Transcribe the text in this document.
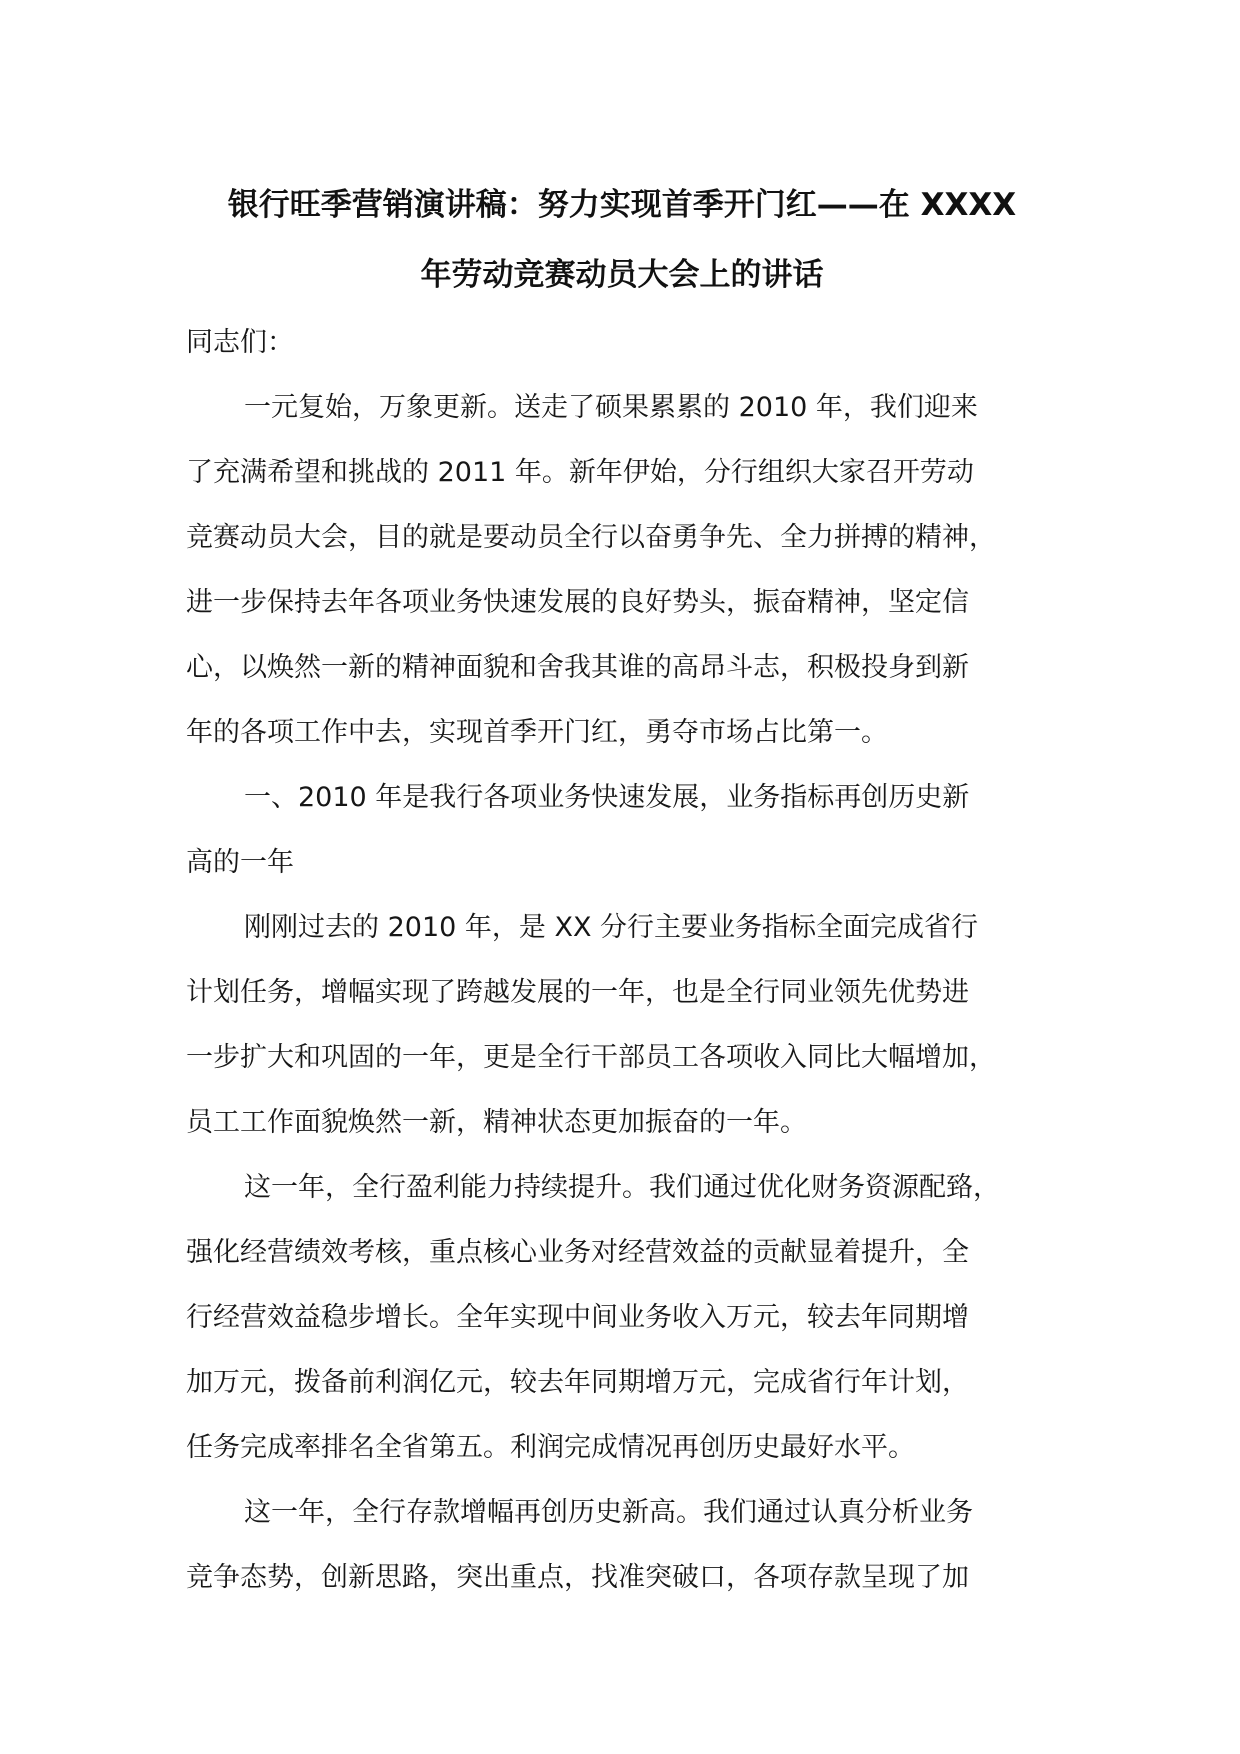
银行旺季营销演讲稿：努力实现首季开门红——在 XXXX
年劳动竞赛动员大会上的讲话
同志们：
一元复始，万象更新。送走了硕果累累的 2010 年，我们迎来
了充满希望和挑战的 2011 年。新年伊始，分行组织大家召开劳动
竞赛动员大会，目的就是要动员全行以奋勇争先、全力拼搏的精神，
进一步保持去年各项业务快速发展的良好势头，振奋精神，坚定信
心，以焕然一新的精神面貌和舍我其谁的高昂斗志，积极投身到新
年的各项工作中去，实现首季开门红，勇夺市场占比第一。
一、2010 年是我行各项业务快速发展，业务指标再创历史新
高的一年
刚刚过去的 2010 年，是 XX 分行主要业务指标全面完成省行
计划任务，增幅实现了跨越发展的一年，也是全行同业领先优势进
一步扩大和巩固的一年，更是全行干部员工各项收入同比大幅增加，
员工工作面貌焕然一新，精神状态更加振奋的一年。
这一年，全行盈利能力持续提升。我们通过优化财务资源配臵，
强化经营绩效考核，重点核心业务对经营效益的贡献显着提升，全
行经营效益稳步增长。全年实现中间业务收入万元，较去年同期增
加万元，拨备前利润亿元，较去年同期增万元，完成省行年计划，
任务完成率排名全省第五。利润完成情况再创历史最好水平。
这一年，全行存款增幅再创历史新高。我们通过认真分析业务
竞争态势，创新思路，突出重点，找准突破口，各项存款呈现了加
